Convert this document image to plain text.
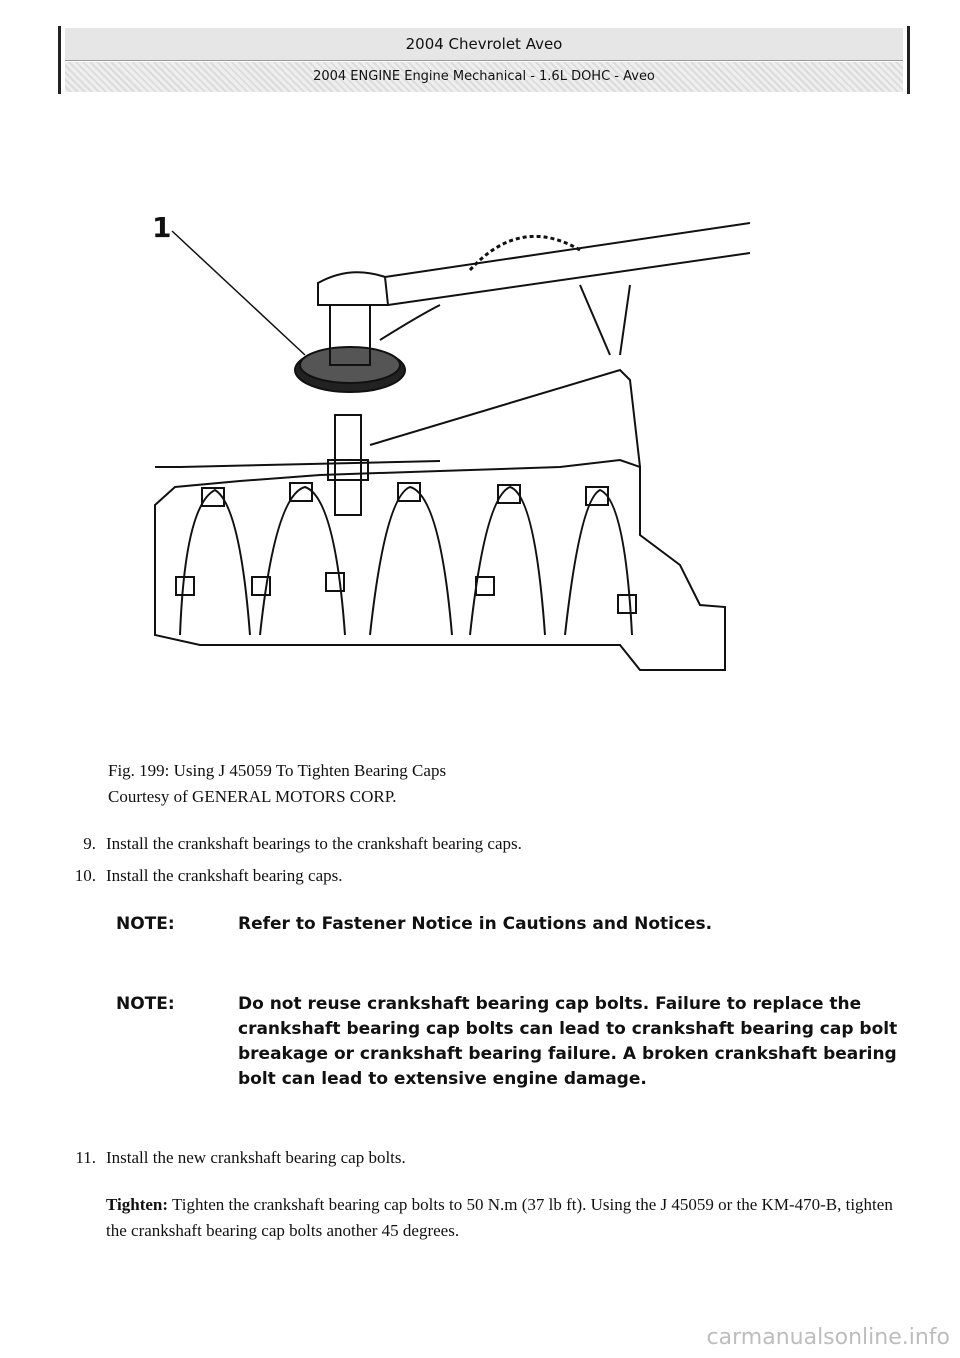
2004 Chevrolet Aveo
2004 ENGINE Engine Mechanical - 1.6L DOHC - Aveo
1
Fig. 199: Using J 45059 To Tighten Bearing Caps
Courtesy of GENERAL MOTORS CORP.
9. Install the crankshaft bearings to the crankshaft bearing caps.
10. Install the crankshaft bearing caps.
NOTE:	Refer to Fastener Notice in Cautions and Notices.
NOTE:	Do not reuse crankshaft bearing cap bolts. Failure to replace the crankshaft bearing cap bolts can lead to crankshaft bearing cap bolt breakage or crankshaft bearing failure. A broken crankshaft bearing bolt can lead to extensive engine damage.
11. Install the new crankshaft bearing cap bolts.
Tighten: Tighten the crankshaft bearing cap bolts to 50 N.m (37 lb ft). Using the J 45059 or the KM-470-B, tighten the crankshaft bearing cap bolts another 45 degrees.
carmanualsonline.info
